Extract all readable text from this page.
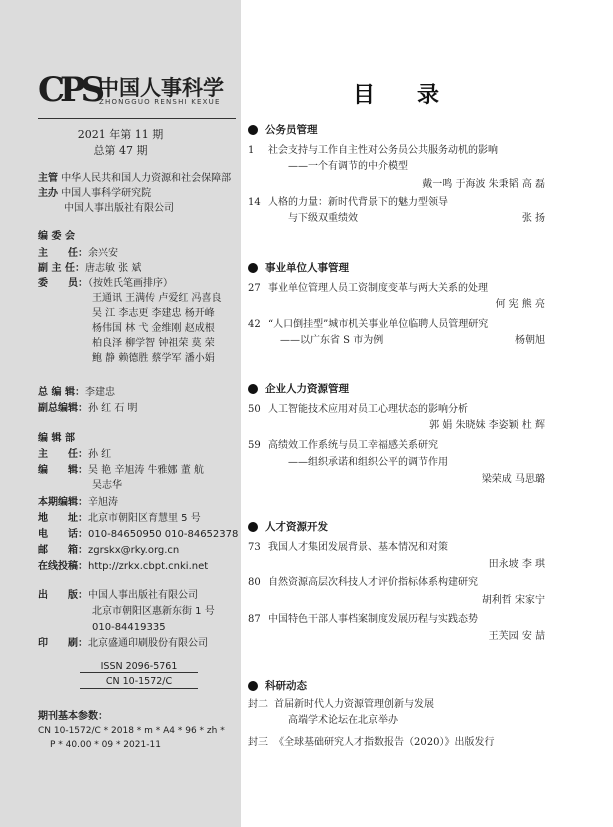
CPS
中国人事科学
ZHONGGUO RENSHI KEXUE
2021 年第 11 期
总第 47 期
主管 中华人民共和国人力资源和社会保障部
主办 中国人事科学研究院
中国人事出版社有限公司
编 委 会
主　　任：余兴安
副 主 任：唐志敏 张 斌
委　　员：（按姓氏笔画排序）
王通讯 王满传 卢爱红 冯喜良
吴 江 李志更 李建忠 杨开峰
杨伟国 林 弋 金维刚 赵成根
柏良泽 柳学智 钟祖荣 莫 荣
鲍 静 赖德胜 蔡学军 潘小娟
总 编 辑：李建忠
副总编辑：孙 红 石 明
编 辑 部
主　　任：孙 红
编　　辑：吴 艳 辛旭涛 牛雅娜 董 航
吴志华
本期编辑：辛旭涛
地　　址：北京市朝阳区育慧里 5 号
电　　话：010-84650950 010-84652378
邮　　箱：zgrskx@rky.org.cn
在线投稿：http://zrkx.cbpt.cnki.net
出　　版：中国人事出版社有限公司
北京市朝阳区惠新东街 1 号
010-84419335
印　　刷：北京盛通印刷股份有限公司
ISSN 2096-5761
CN 10-1572/C
期刊基本参数：
CN 10-1572/C * 2018 * m * A4 * 96 * zh *
P * 40.00 * 09 * 2021-11
目录
公务员管理
1 社会支持与工作自主性对公务员公共服务动机的影响
——一个有调节的中介模型
戴一鸣 于海波 朱秉韬 高 磊
14 人格的力量：新时代背景下的魅力型领导
与下级双重绩效	张 扬
事业单位人事管理
27 事业单位管理人员工资制度变革与两大关系的处理
何 宪 熊 亮
42 “人口倒挂型”城市机关事业单位临聘人员管理研究
——以广东省 S 市为例	杨朝旭
企业人力资源管理
50 人工智能技术应用对员工心理状态的影响分析
郭 娟 朱晓妹 李姿颖 杜 辉
59 高绩效工作系统与员工幸福感关系研究
——组织承诺和组织公平的调节作用
梁荣成 马思璐
人才资源开发
73 我国人才集团发展背景、基本情况和对策
田永坡 李 琪
80 自然资源高层次科技人才评价指标体系构建研究
胡利哲 宋家宁
87 中国特色干部人事档案制度发展历程与实践态势
王芙园 安 喆
科研动态
封二 首届新时代人力资源管理创新与发展
高端学术论坛在北京举办
封三 《全球基础研究人才指数报告（2020）》出版发行
